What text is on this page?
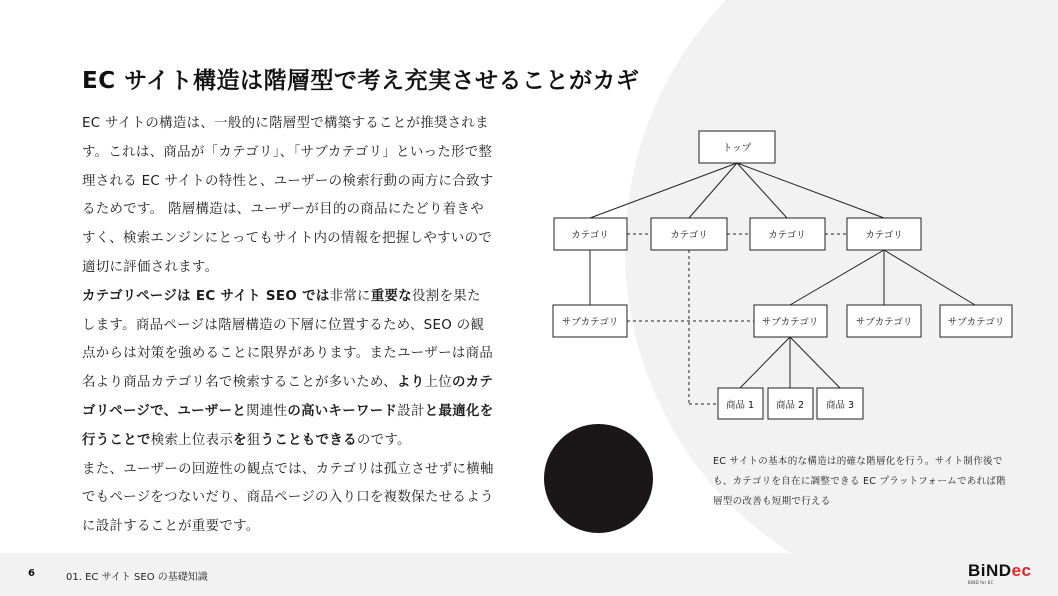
EC サイト構造は階層型で考え充実させることがカギ

EC サイトの構造は、一般的に階層型で構築することが推奨されます。これは、商品が「カテゴリ」、「サブカテゴリ」といった形で整理される EC サイトの特性と、ユーザーの検索行動の両方に合致するためです。 階層構造は、ユーザーが目的の商品にたどり着きやすく、検索エンジンにとってもサイト内の情報を把握しやすいので適切に評価されます。

カテゴリページは EC サイト SEO では非常に重要な役割を果たします。商品ページは階層構造の下層に位置するため、SEO の観点からは対策を強めることに限界があります。またユーザーは商品名より商品カテゴリ名で検索することが多いため、より上位のカテゴリページで、ユーザーと関連性の高いキーワード設計と最適化を行うことで検索上位表示を狙うこともできるのです。

また、ユーザーの回遊性の観点では、カテゴリは孤立させずに横軸でもページをつないだり、商品ページの入り口を複数保たせるように設計することが重要です。

トップ
カテゴリ	カテゴリ	カテゴリ	カテゴリ
サブカテゴリ	サブカテゴリ	サブカテゴリ	サブカテゴリ
商品 1 商品 2 商品 3
EC サイトの基本的な構造は的確な階層化を行う。サイト制作後でも、カテゴリを自在に調整できる EC プラットフォームであれば階層型の改善も短期で行える
6	01. EC サイト SEO の基礎知識	BiNDec
BiND for EC
